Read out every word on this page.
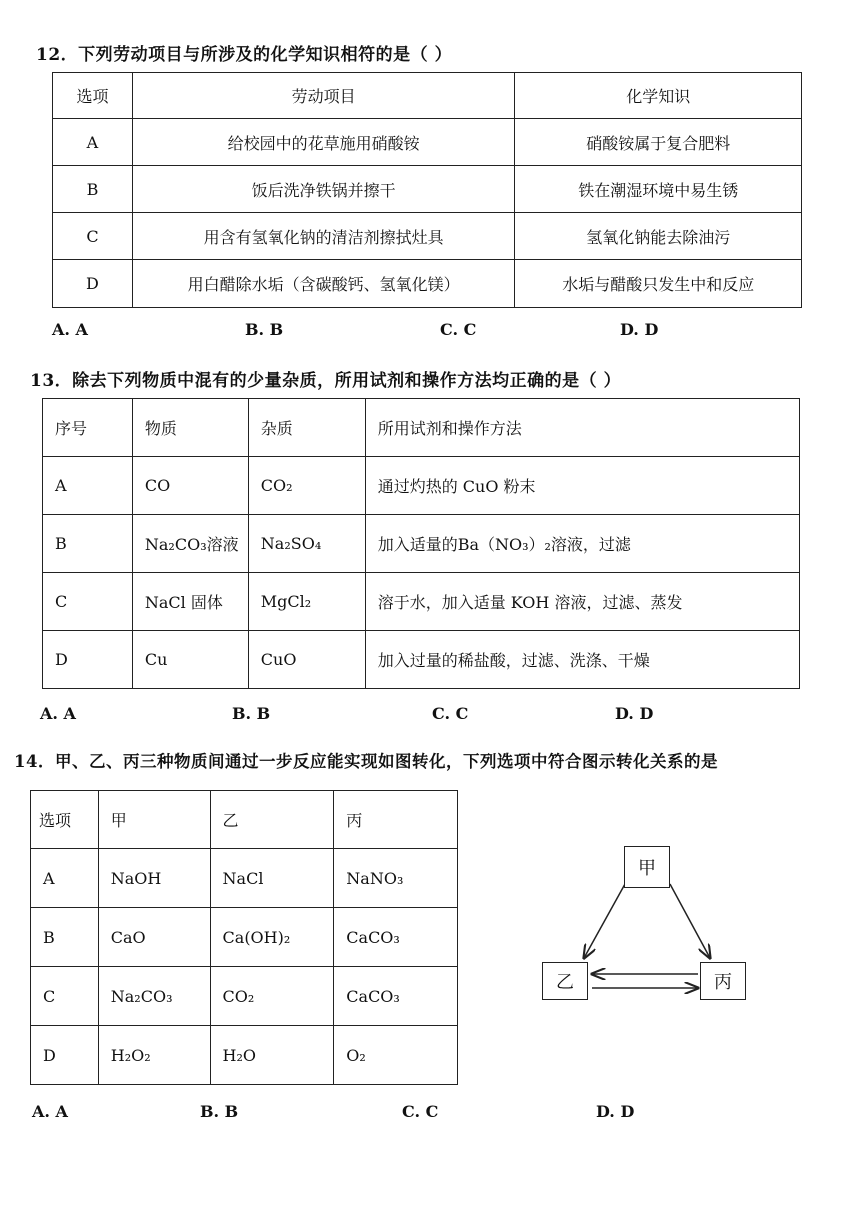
12．下列劳动项目与所涉及的化学知识相符的是（ ）
选项	劳动项目	化学知识
A	给校园中的花草施用硝酸铵	硝酸铵属于复合肥料
B	饭后洗净铁锅并擦干	铁在潮湿环境中易生锈
C	用含有氢氧化钠的清洁剂擦拭灶具	氢氧化钠能去除油污
D	用白醋除水垢（含碳酸钙、氢氧化镁）	水垢与醋酸只发生中和反应
A. A	B. B	C. C	D. D
13．除去下列物质中混有的少量杂质，所用试剂和操作方法均正确的是（ ）
序号	物质	杂质	所用试剂和操作方法
A	CO	CO₂	通过灼热的 CuO 粉末
B	Na₂CO₃溶液	Na₂SO₄	加入适量的Ba（NO₃）₂溶液，过滤
C	NaCl 固体	MgCl₂	溶于水，加入适量 KOH 溶液，过滤、蒸发
D	Cu	CuO	加入过量的稀盐酸，过滤、洗涤、干燥
A. A	B. B	C. C	D. D
14．甲、乙、丙三种物质间通过一步反应能实现如图转化，下列选项中符合图示转化关系的是
选项	甲	乙	丙
A	NaOH	NaCl	NaNO₃
B	CaO	Ca(OH)₂	CaCO₃
C	Na₂CO₃	CO₂	CaCO₃
D	H₂O₂	H₂O	O₂
甲
乙	丙
A. A	B. B	C. C	D. D
